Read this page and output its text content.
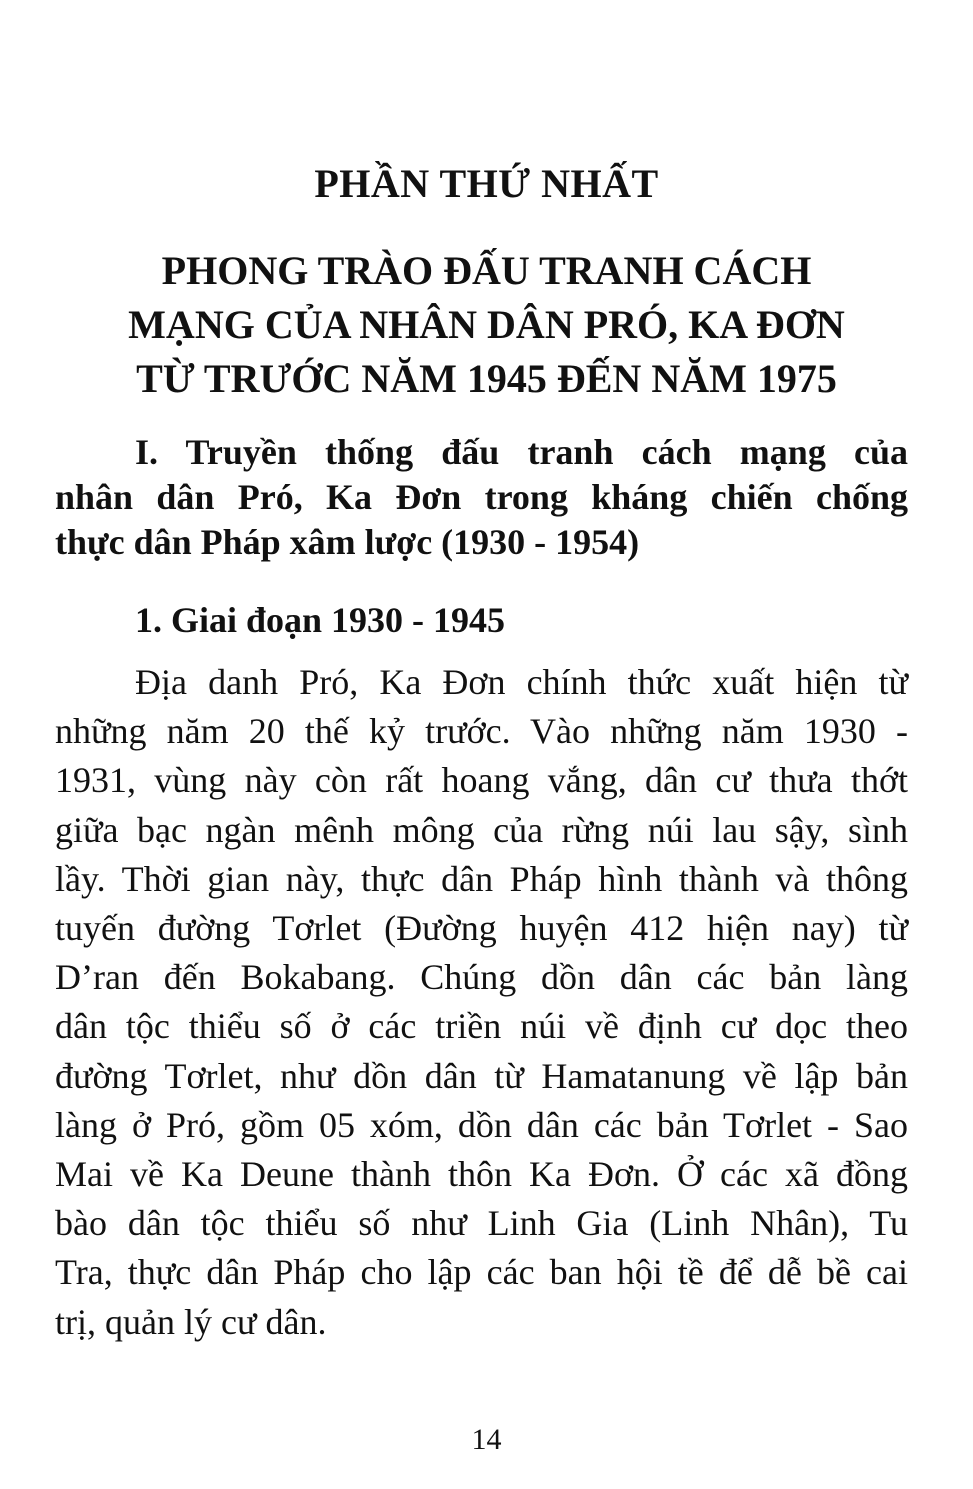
PHẦN THỨ NHẤT
PHONG TRÀO ĐẤU TRANH CÁCH
MẠNG CỦA NHÂN DÂN PRÓ, KA ĐƠN
TỪ TRƯỚC NĂM 1945 ĐẾN NĂM 1975
I. Truyền thống đấu tranh cách mạng của
nhân dân Pró, Ka Đơn trong kháng chiến chống
thực dân Pháp xâm lược (1930 - 1954)
1. Giai đoạn 1930 - 1945

Địa danh Pró, Ka Đơn chính thức xuất hiện từ
những năm 20 thế kỷ trước. Vào những năm 1930 -
1931, vùng này còn rất hoang vắng, dân cư thưa thớt
giữa bạc ngàn mênh mông của rừng núi lau sậy, sình
lầy. Thời gian này, thực dân Pháp hình thành và thông
tuyến đường Tơrlet (Đường huyện 412 hiện nay) từ
D’ran đến Bokabang. Chúng dồn dân các bản làng
dân tộc thiểu số ở các triền núi về định cư dọc theo
đường Tơrlet, như dồn dân từ Hamatanung về lập bản
làng ở Pró, gồm 05 xóm, dồn dân các bản Tơrlet - Sao
Mai về Ka Deune thành thôn Ka Đơn. Ở các xã đồng
bào dân tộc thiểu số như Linh Gia (Linh Nhân), Tu
Tra, thực dân Pháp cho lập các ban hội tề để dễ bề cai
trị, quản lý cư dân.

14
